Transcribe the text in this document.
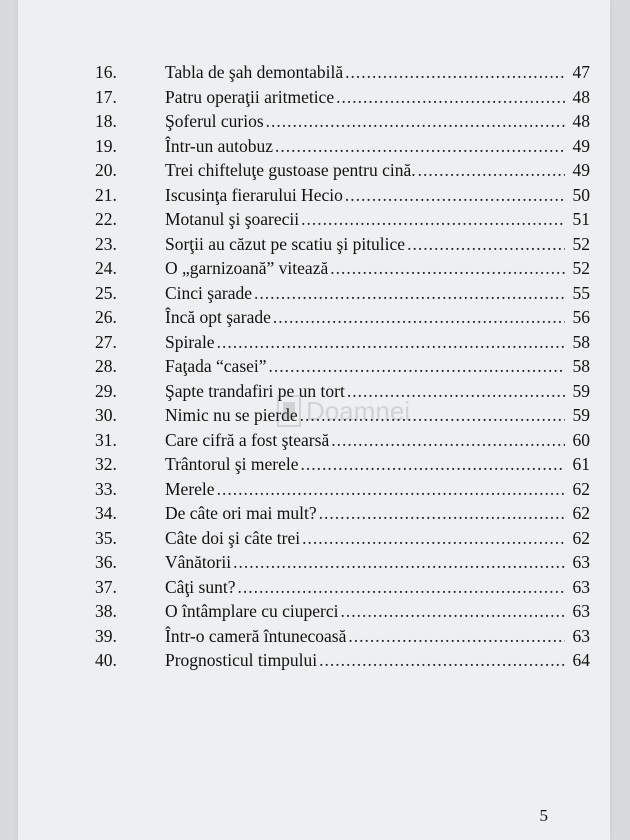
16.	Tabla de şah demontabilă .....	47
17.	Patru operaţii aritmetice .....	48
18.	Şoferul curios .....	48
19.	Într-un autobuz .....	49
20.	Trei chifteluţe gustoase pentru cină. .....	49
21.	Iscusinţa fierarului Hecio .....	50
22.	Motanul şi şoarecii .....	51
23.	Sorţii au căzut pe scatiu şi pitulice .....	52
24.	O „garnizoană” vitează .....	52
25.	Cinci şarade .....	55
26.	Încă opt şarade .....	56
27.	Spirale .....	58
28.	Faţada “casei” .....	58
29.	Şapte trandafiri pe un tort .....	59
30.	Nimic nu se pierde .....	59
31.	Care cifră a fost ştearsă .....	60
32.	Trântorul şi merele .....	61
33.	Merele .....	62
34.	De câte ori mai mult? .....	62
35.	Câte doi şi câte trei .....	62
36.	Vânătorii .....	63
37.	Câţi sunt? .....	63
38.	O întâmplare cu ciuperci .....	63
39.	Într-o cameră întunecoasă .....	63
40.	Prognosticul timpului .....	64
5
Doamnei
